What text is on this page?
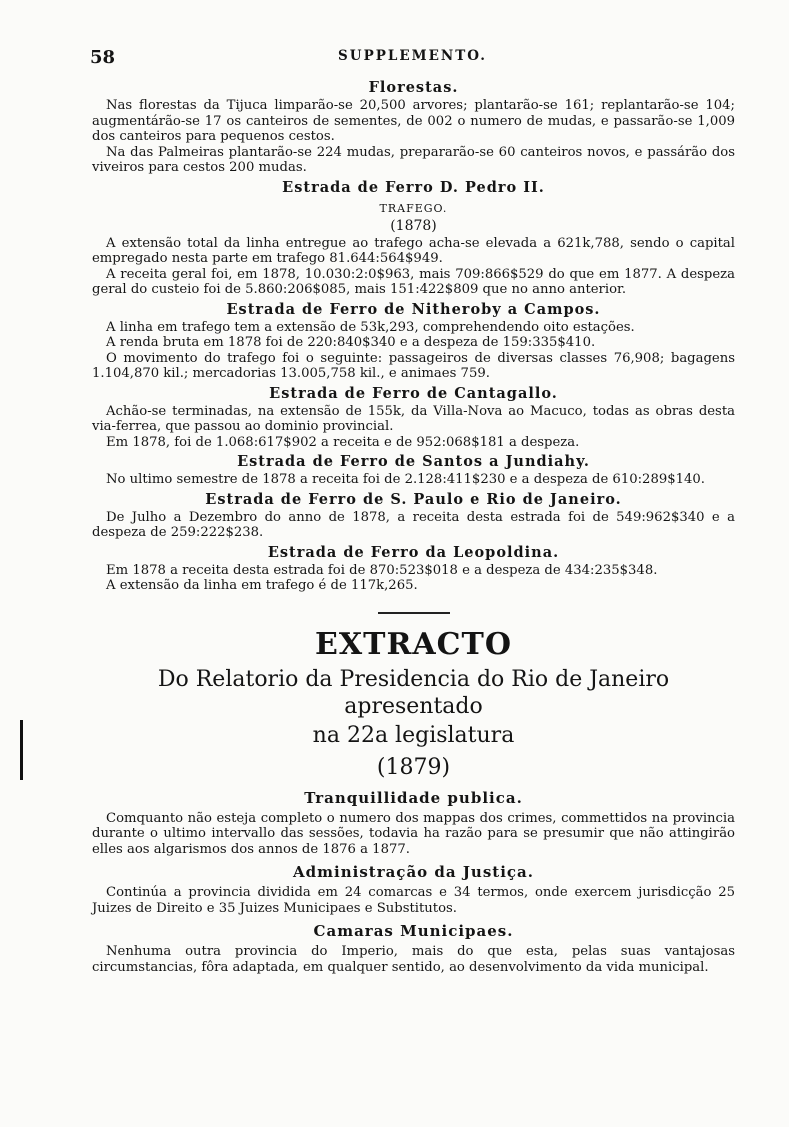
58	SUPPLEMENTO.
Florestas.

Nas florestas da Tijuca limparão-se 20,500 arvores; plantarão-se 161; replantarão-se 104; augmentárão-se 17 os canteiros de sementes, de 002 o numero de mudas, e passarão-se 1,009 dos canteiros para pequenos cestos.

Na das Palmeiras plantarão-se 224 mudas, prepararão-se 60 canteiros novos, e passárão dos viveiros para cestos 200 mudas.

Estrada de Ferro D. Pedro II.
TRAFEGO.
(1878)

A extensão total da linha entregue ao trafego acha-se elevada a 621k,788, sendo o capital empregado nesta parte em trafego 81.644:564$949.

A receita geral foi, em 1878, 10.030:2:0$963, mais 709:866$529 do que em 1877. A despeza geral do custeio foi de 5.860:206$085, mais 151:422$809 que no anno anterior.

Estrada de Ferro de Nitheroby a Campos.

A linha em trafego tem a extensão de 53k,293, comprehendendo oito estações.

A renda bruta em 1878 foi de 220:840$340 e a despeza de 159:335$410.

O movimento do trafego foi o seguinte: passageiros de diversas classes 76,908; bagagens 1.104,870 kil.; mercadorias 13.005,758 kil., e animaes 759.

Estrada de Ferro de Cantagallo.

Achão-se terminadas, na extensão de 155k, da Villa-Nova ao Macuco, todas as obras desta via-ferrea, que passou ao dominio provincial.

Em 1878, foi de 1.068:617$902 a receita e de 952:068$181 a despeza.

Estrada de Ferro de Santos a Jundiahy.

No ultimo semestre de 1878 a receita foi de 2.128:411$230 e a despeza de 610:289$140.

Estrada de Ferro de S. Paulo e Rio de Janeiro.

De Julho a Dezembro do anno de 1878, a receita desta estrada foi de 549:962$340 e a despeza de 259:222$238.

Estrada de Ferro da Leopoldina.

Em 1878 a receita desta estrada foi de 870:523$018 e a despeza de 434:235$348.

A extensão da linha em trafego é de 117k,265.

EXTRACTO
Do Relatorio da Presidencia do Rio de Janeiro apresentado
na 22a legislatura
(1879)
Tranquillidade publica.

Comquanto não esteja completo o numero dos mappas dos crimes, commettidos na provincia durante o ultimo intervallo das sessões, todavia ha razão para se presumir que não attingirão elles aos algarismos dos annos de 1876 a 1877.

Administração da Justiça.

Continúa a provincia dividida em 24 comarcas e 34 termos, onde exercem jurisdicção 25 Juizes de Direito e 35 Juizes Municipaes e Substitutos.

Camaras Municipaes.

Nenhuma outra provincia do Imperio, mais do que esta, pelas suas vantajosas circumstancias, fôra adaptada, em qualquer sentido, ao desenvolvimento da vida municipal.
